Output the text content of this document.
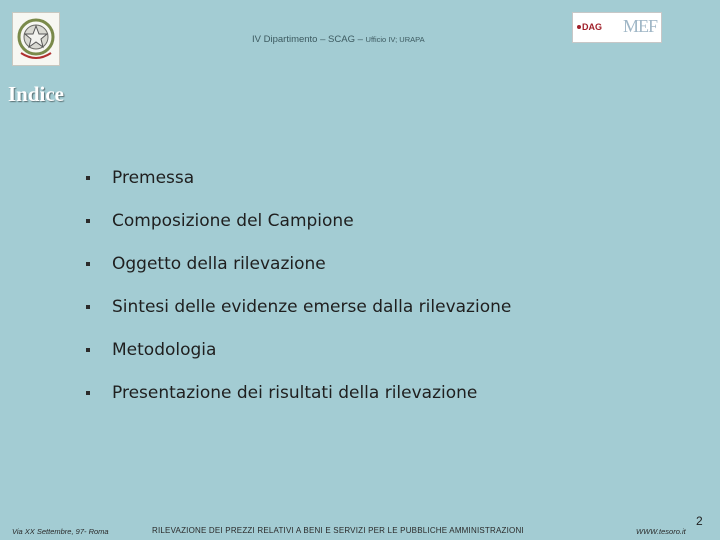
IV Dipartimento – SCAG – Ufficio IV; URAPA
DAG MEF
Indice
Premessa
Composizione del Campione
Oggetto della rilevazione
Sintesi delle evidenze emerse dalla rilevazione
Metodologia
Presentazione dei risultati della rilevazione
Via XX Settembre, 97- Roma	RILEVAZIONE DEI PREZZI RELATIVI A BENI E SERVIZI PER LE PUBBLICHE AMMINISTRAZIONI	WWW.tesoro.it
2
